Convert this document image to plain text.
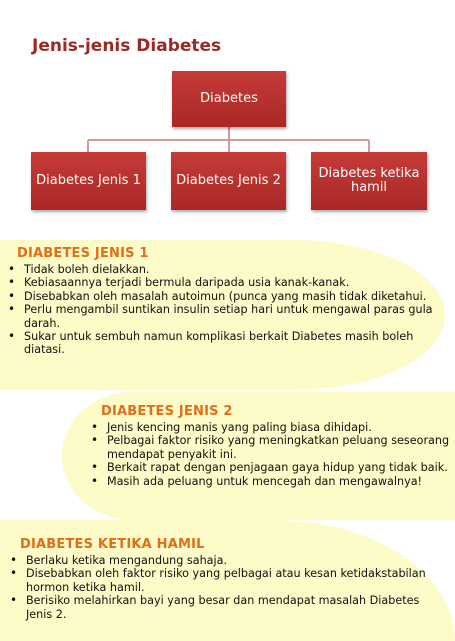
Jenis-jenis Diabetes
Diabetes
Diabetes Jenis 1	Diabetes Jenis 2	Diabetes ketika hamil
DIABETES JENIS 1
• Tidak boleh dielakkan.
• Kebiasaannya terjadi bermula daripada usia kanak-kanak.
• Disebabkan oleh masalah autoimun (punca yang masih tidak diketahui.
• Perlu mengambil suntikan insulin setiap hari untuk mengawal paras gula darah.
• Sukar untuk sembuh namun komplikasi berkait Diabetes masih boleh diatasi.
DIABETES JENIS 2
• Jenis kencing manis yang paling biasa dihidapi.
• Pelbagai faktor risiko yang meningkatkan peluang seseorang mendapat penyakit ini.
• Berkait rapat dengan penjagaan gaya hidup yang tidak baik.
• Masih ada peluang untuk mencegah dan mengawalnya!
DIABETES KETIKA HAMIL
• Berlaku ketika mengandung sahaja.
• Disebabkan oleh faktor risiko yang pelbagai atau kesan ketidakstabilan hormon ketika hamil.
• Berisiko melahirkan bayi yang besar dan mendapat masalah Diabetes Jenis 2.
